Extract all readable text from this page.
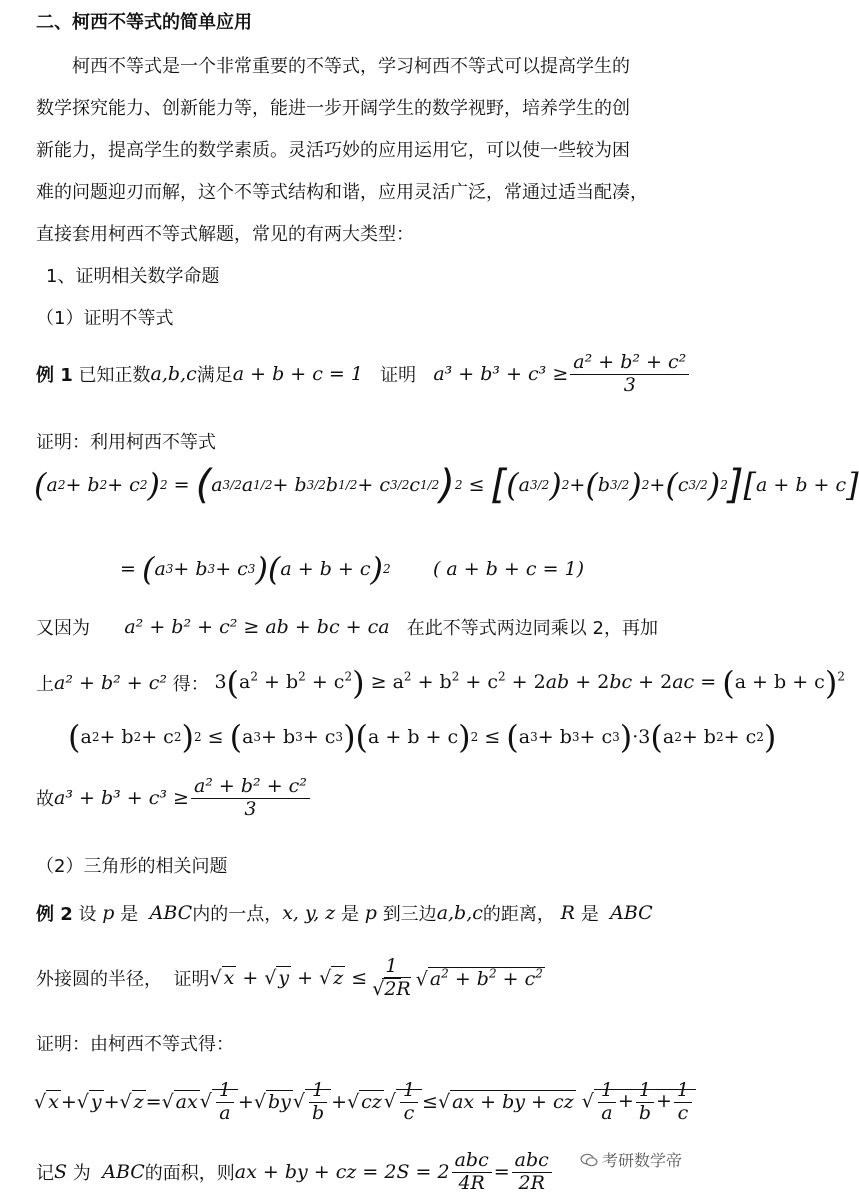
二、柯西不等式的简单应用
柯西不等式是一个非常重要的不等式，学习柯西不等式可以提高学生的
数学探究能力、创新能力等，能进一步开阔学生的数学视野，培养学生的创
新能力，提高学生的数学素质。灵活巧妙的应用运用它，可以使一些较为困
难的问题迎刃而解，这个不等式结构和谐，应用灵活广泛，常通过适当配凑，
直接套用柯西不等式解题，常见的有两大类型：
1、证明相关数学命题
（1）证明不等式
例 1
已知正数 a,b,c 满足 a + b + c = 1
证明
$a^3 + b^3 + c^3 \ge \frac{\text{a² + b² + c²}}{3}$
证明：利用柯西不等式
( a 2 + b 2 + c 2 ) 2 = ( a 3/2 a 1/2 + b 3/2 b 1/2 + c 3/2 c 1/2 ) 2 ≤ [ ( a 3/2 ) 2 + ( b 3/2 ) 2 + ( c 3/2 ) 2 ] [ a + b + c ]
= ( a 3 + b 3 + c 3 ) ( a + b + c ) 2
( a + b + c = 1)
又因为
a² + b² + c² ≥ ab + bc + ca
在此不等式两边同乘以 2，再加
上 a² + b² + c²
得：
$3(a^2 + b^2 + c^2) \ge a^2 + b^2 + c^2 + 2ab + 2bc + 2ac = (a + b + c)^2$
( a 2 + b 2 + c 2 ) 2 ≤ ( a 3 + b 3 + c 3 ) ( a + b + c ) 2 ≤ ( a 3 + b 3 + c 3 ) ·3 ( a 2 + b 2 + c 2 )
故 $a^3 + b^3 + c^3 \ge \frac{\text{a² + b² + c²}}{3}$
（2）三角形的相关问题
例 2
设
p
是
ABC 内的一点， x, y, z
是
p
到三边 a,b,c 的距离，
R
是
ABC
外接圆的半径，
证明 √ x + √ y + √ $z \le \frac{1}{√2R}$ √ $a^2 + b^2 + c^2$
证明：由柯西不等式得：
√ x + √ y + √ z = √ ax √ $\frac{1}{a}$ + √ by √ $\frac{1}{b}$ + √ cz √ $\frac{1}{c}$ ≤ √ ax + by + cz
√ $\frac{1}{a} + \frac{1}{b} + \frac{1}{c}$
记 S
为
ABC 的面积，则 ax + by + cz = $2S = 2 \frac{\text{abc}}{4R} = \frac{\text{abc}}{2R}$	考研数学帝
